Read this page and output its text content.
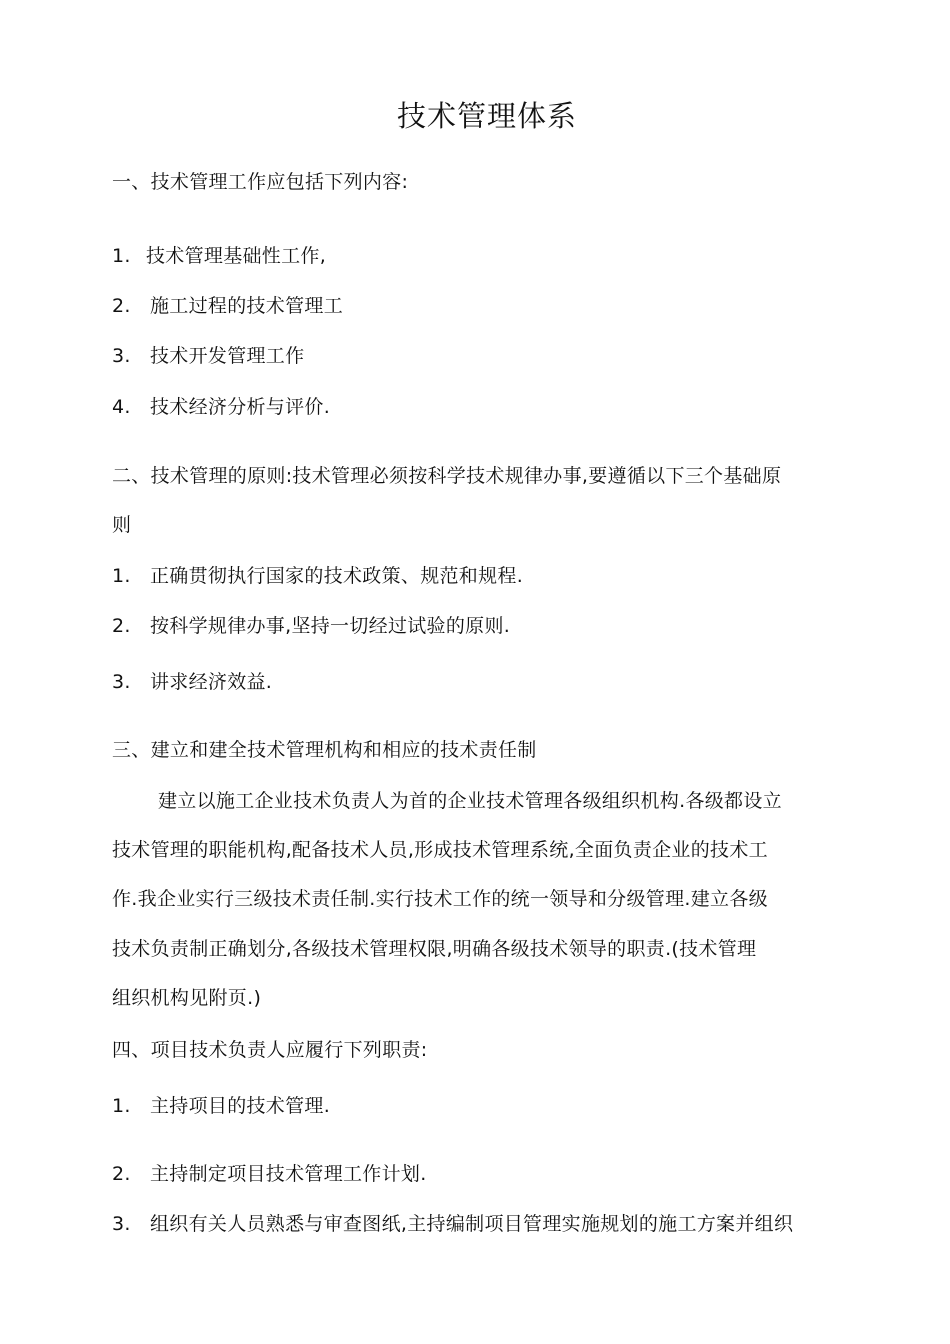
技术管理体系
一、技术管理工作应包括下列内容:
1. 技术管理基础性工作,
2. 施工过程的技术管理工
3. 技术开发管理工作
4. 技术经济分析与评价.
二、技术管理的原则:技术管理必须按科学技术规律办事,要遵循以下三个基础原
则
1. 正确贯彻执行国家的技术政策、规范和规程.
2. 按科学规律办事,坚持一切经过试验的原则.
3. 讲求经济效益.
三、建立和建全技术管理机构和相应的技术责任制
建立以施工企业技术负责人为首的企业技术管理各级组织机构.各级都设立
技术管理的职能机构,配备技术人员,形成技术管理系统,全面负责企业的技术工
作.我企业实行三级技术责任制.实行技术工作的统一领导和分级管理.建立各级
技术负责制正确划分,各级技术管理权限,明确各级技术领导的职责.(技术管理
组织机构见附页.)
四、项目技术负责人应履行下列职责:
1. 主持项目的技术管理.
2. 主持制定项目技术管理工作计划.
3. 组织有关人员熟悉与审查图纸,主持编制项目管理实施规划的施工方案并组织
